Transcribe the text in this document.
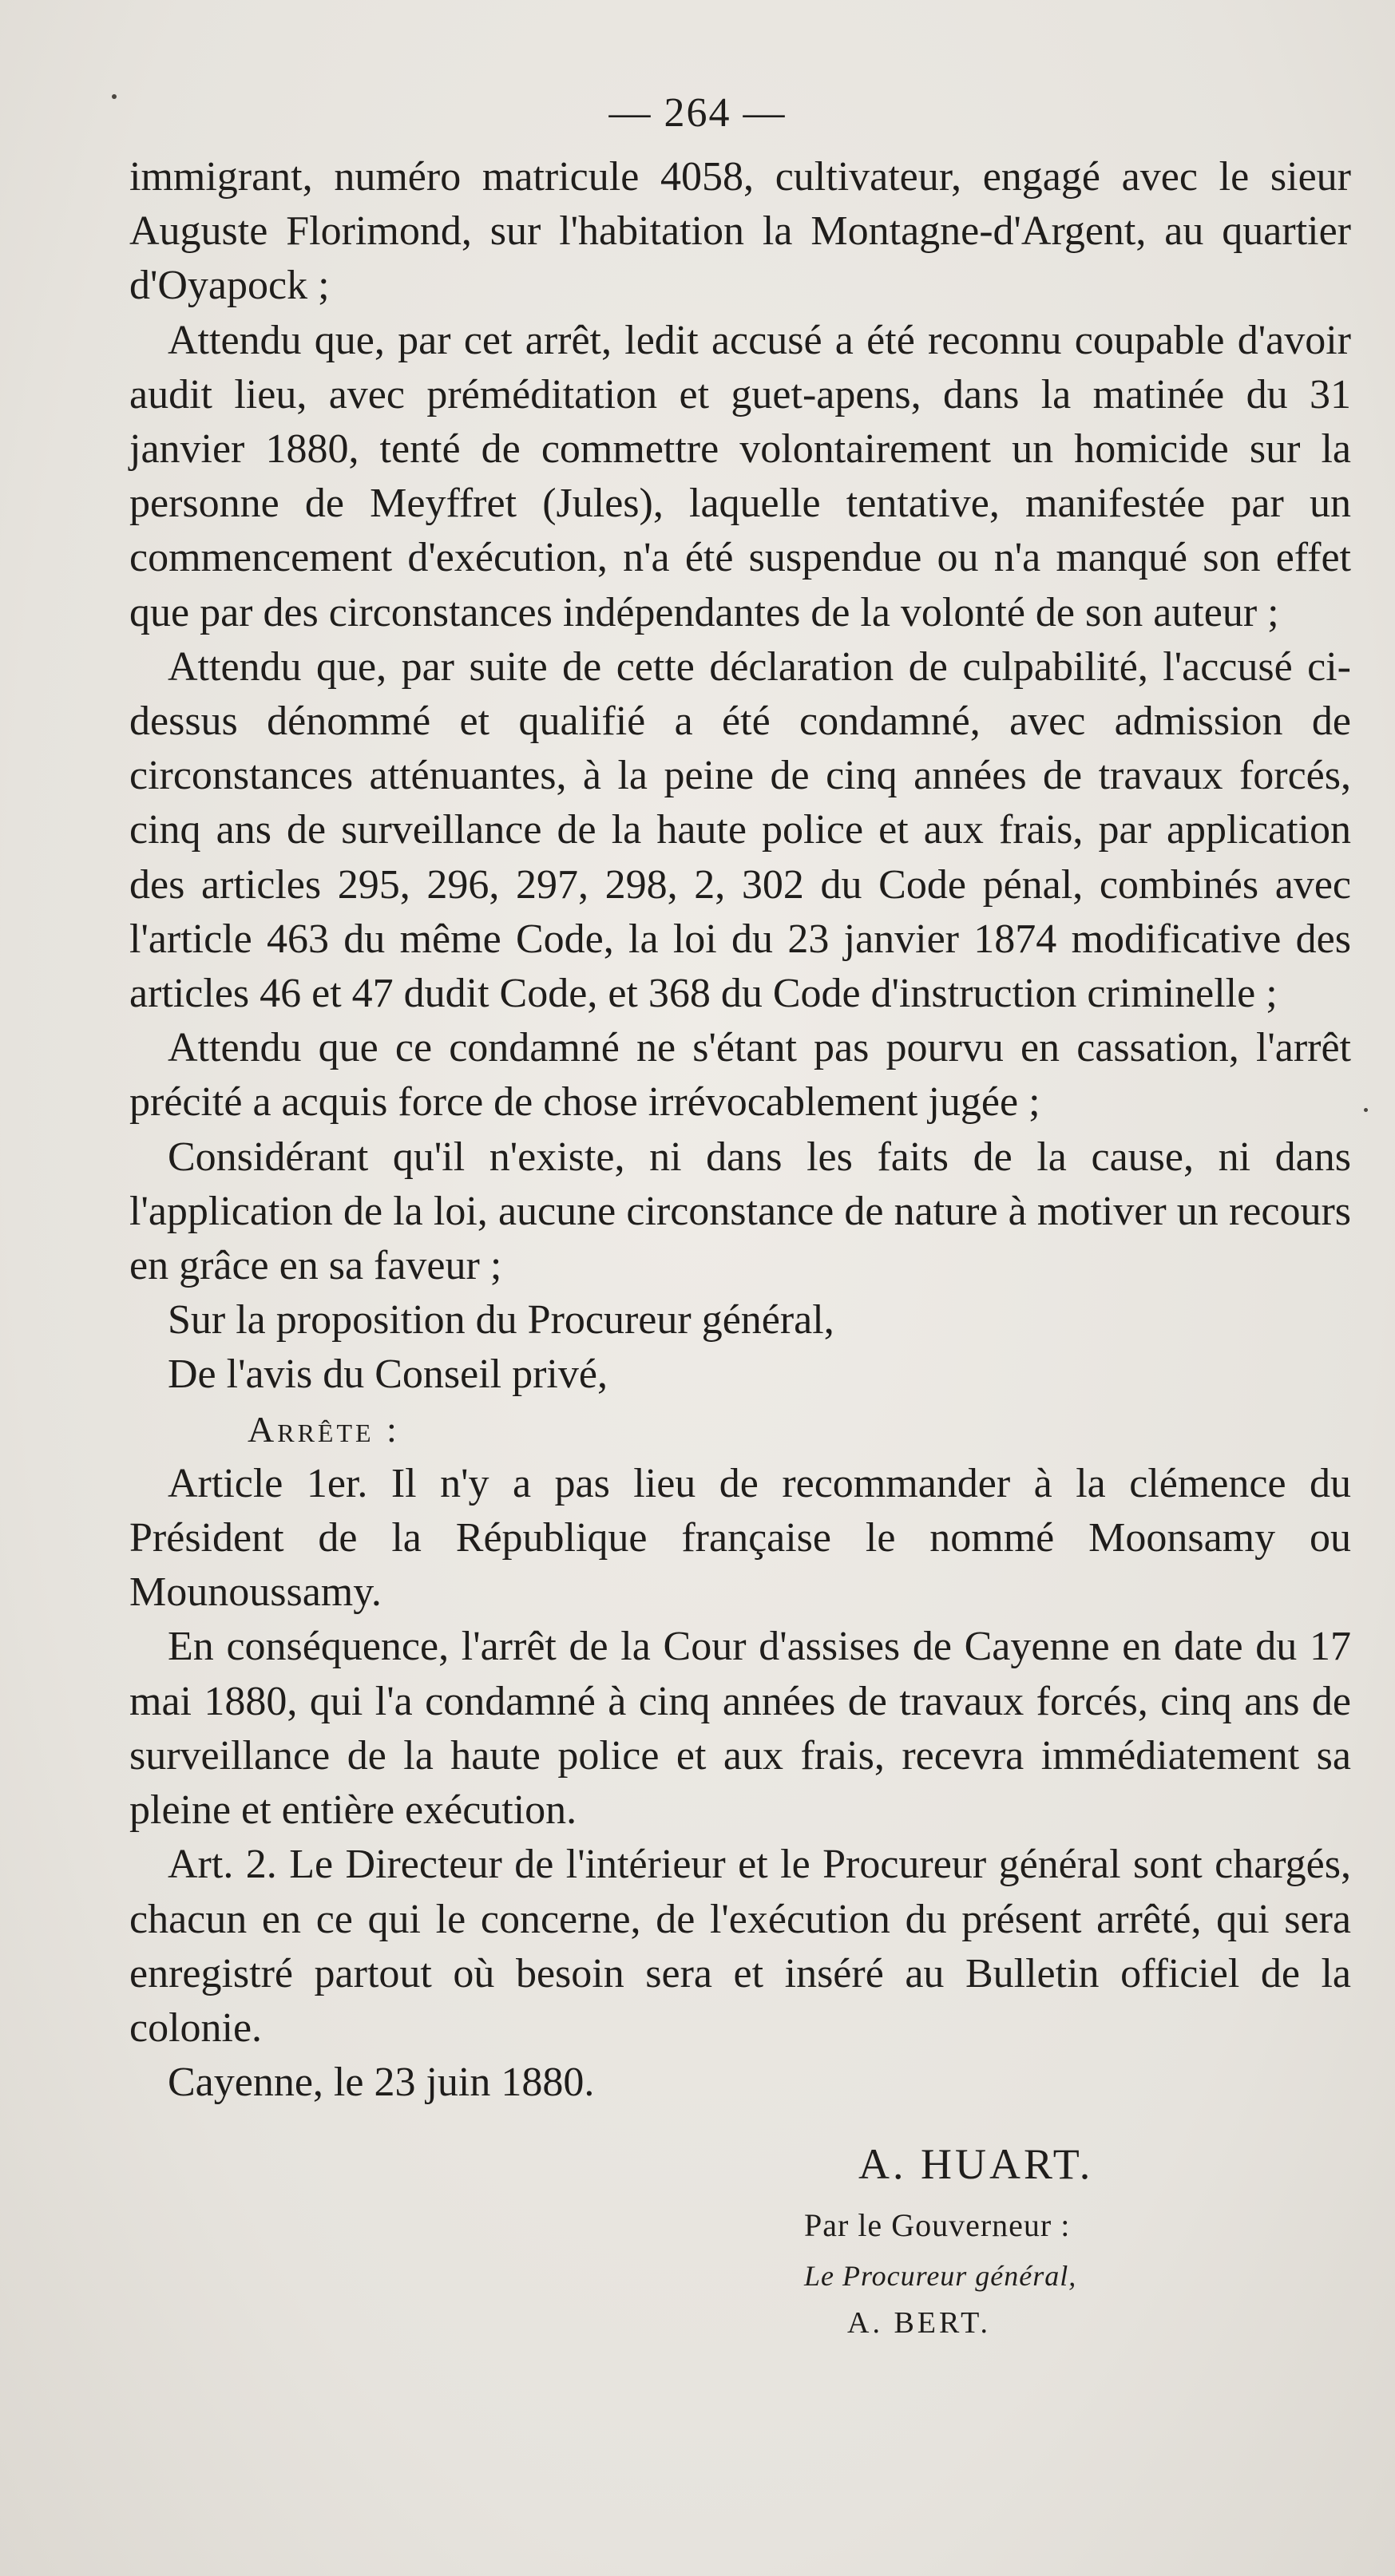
— 264 —

immigrant, numéro matricule 4058, cultivateur, engagé avec le sieur Auguste Florimond, sur l'habitation la Montagne-d'Argent, au quartier d'Oyapock ;

Attendu que, par cet arrêt, ledit accusé a été reconnu coupable d'avoir audit lieu, avec préméditation et guet-apens, dans la matinée du 31 janvier 1880, tenté de commettre volontairement un homicide sur la personne de Meyffret (Jules), laquelle tentative, manifestée par un commencement d'exécution, n'a été suspendue ou n'a manqué son effet que par des circonstances indépendantes de la volonté de son auteur ;

Attendu que, par suite de cette déclaration de culpabilité, l'accusé ci-dessus dénommé et qualifié a été condamné, avec admission de circonstances atténuantes, à la peine de cinq années de travaux forcés, cinq ans de surveillance de la haute police et aux frais, par application des articles 295, 296, 297, 298, 2, 302 du Code pénal, combinés avec l'article 463 du même Code, la loi du 23 janvier 1874 modificative des articles 46 et 47 dudit Code, et 368 du Code d'instruction criminelle ;

Attendu que ce condamné ne s'étant pas pourvu en cassation, l'arrêt précité a acquis force de chose irrévocablement jugée ;

Considérant qu'il n'existe, ni dans les faits de la cause, ni dans l'application de la loi, aucune circonstance de nature à motiver un recours en grâce en sa faveur ;

Sur la proposition du Procureur général,

De l'avis du Conseil privé,

Arrête :

Article 1er. Il n'y a pas lieu de recommander à la clémence du Président de la République française le nommé Moonsamy ou Mounoussamy.

En conséquence, l'arrêt de la Cour d'assises de Cayenne en date du 17 mai 1880, qui l'a condamné à cinq années de travaux forcés, cinq ans de surveillance de la haute police et aux frais, recevra immédiatement sa pleine et entière exécution.

Art. 2. Le Directeur de l'intérieur et le Procureur général sont chargés, chacun en ce qui le concerne, de l'exécution du présent arrêté, qui sera enregistré partout où besoin sera et inséré au Bulletin officiel de la colonie.

Cayenne, le 23 juin 1880.

A. HUART.
Par le Gouverneur :
Le Procureur général,
A. BERT.
